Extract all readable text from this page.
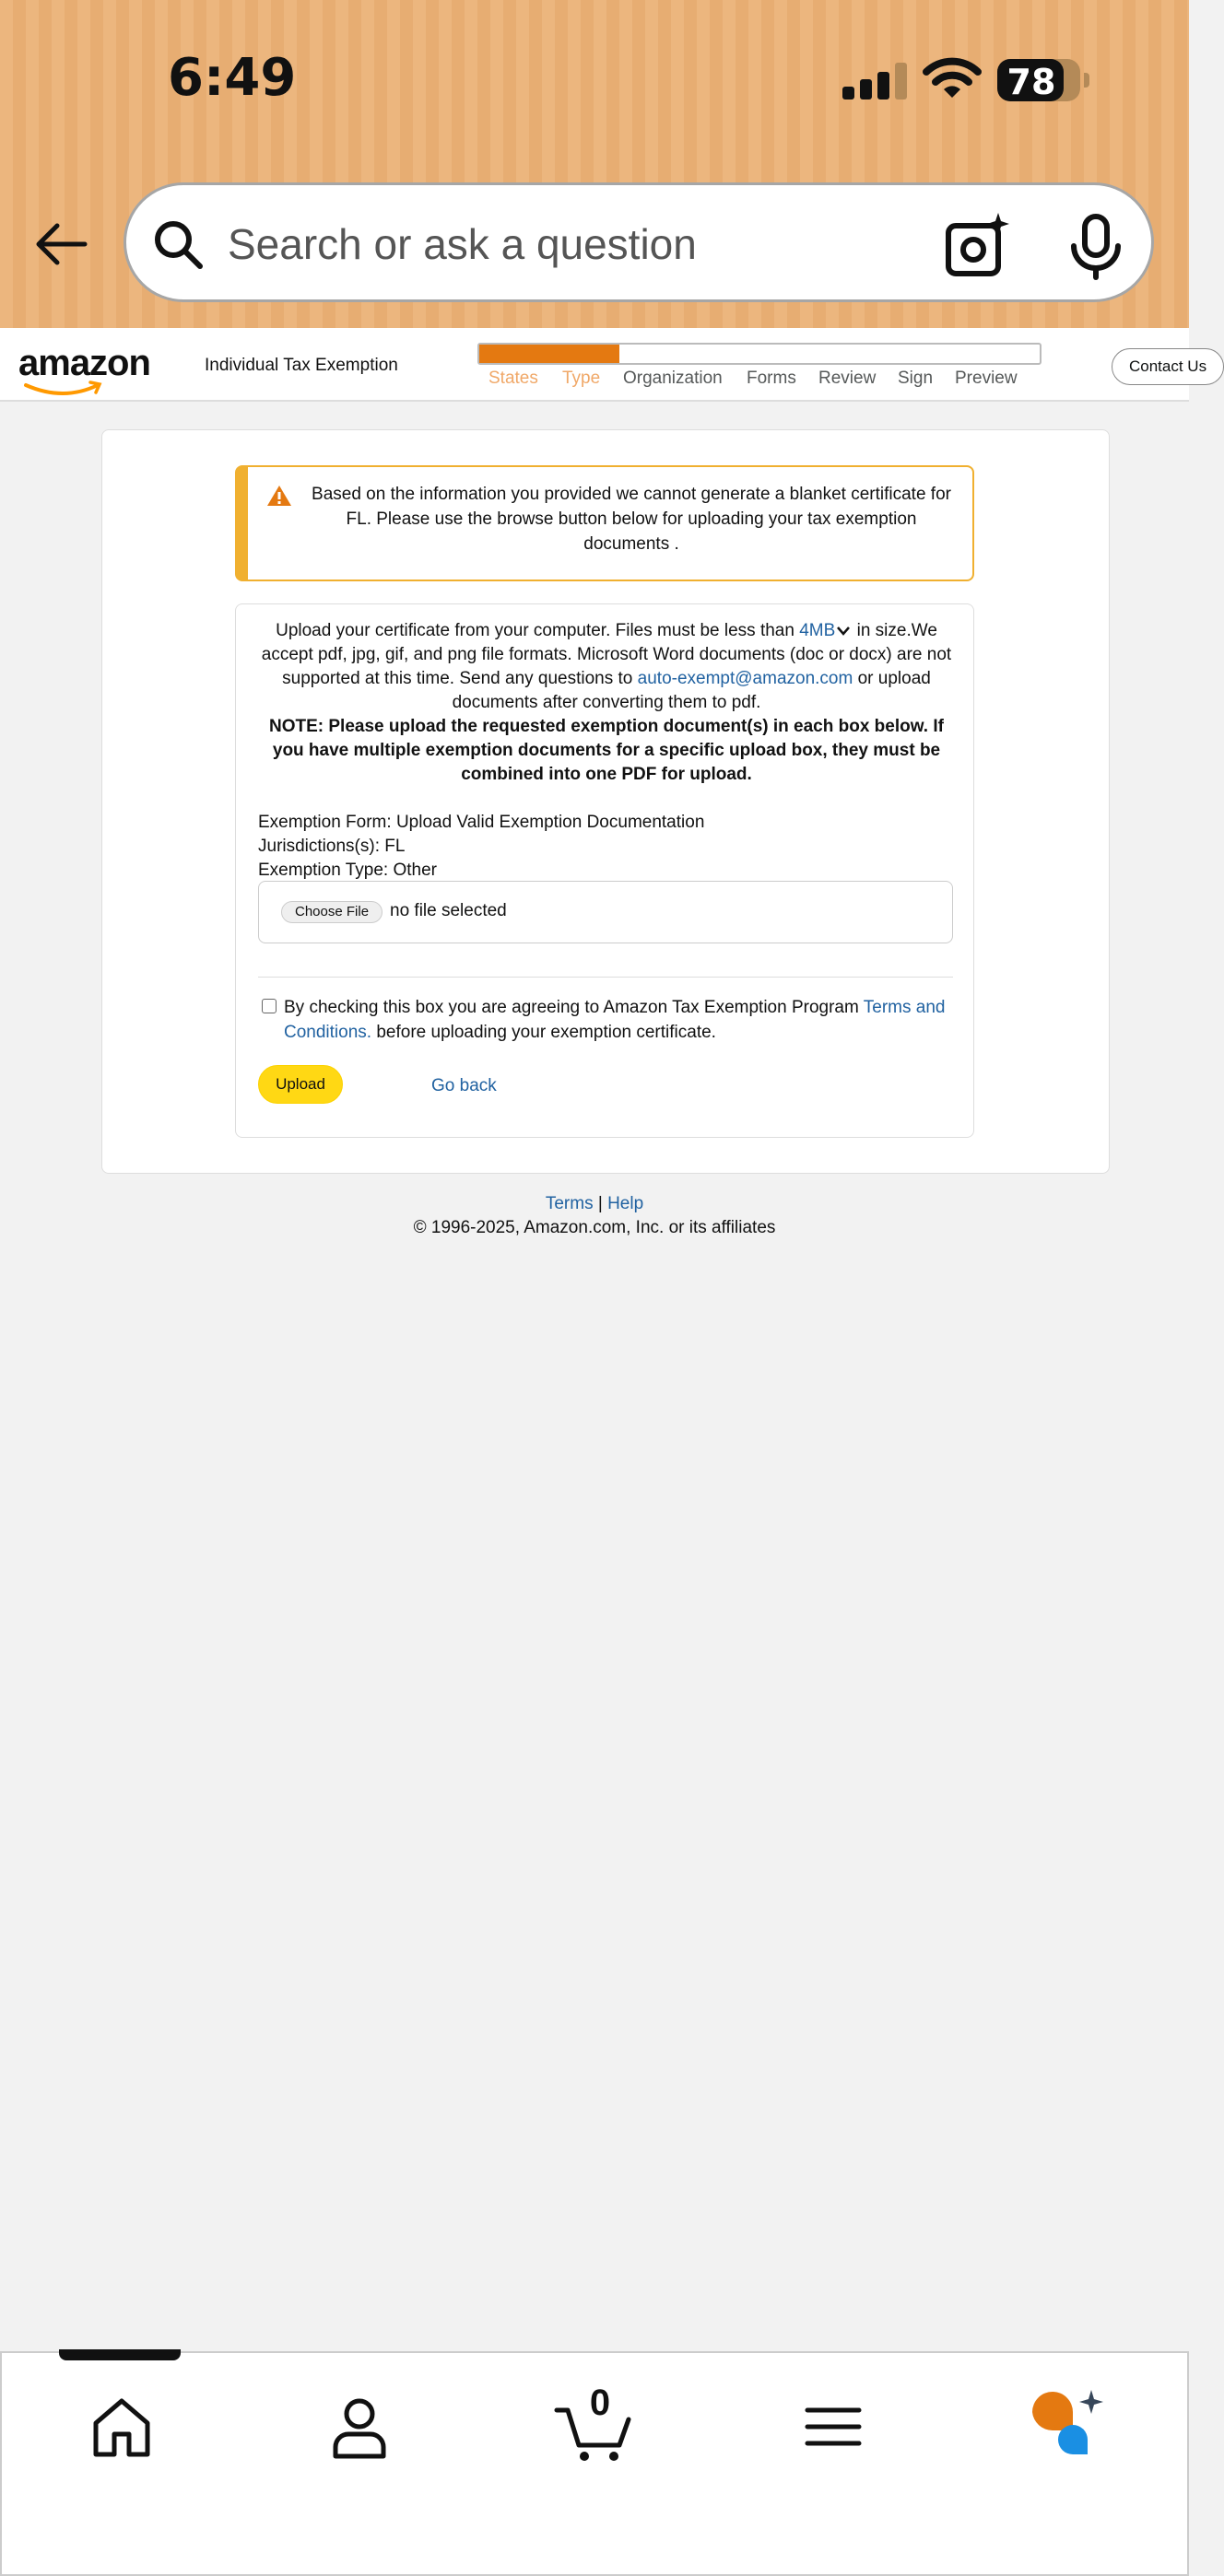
6:49	78
Search or ask a question
amazon	Individual Tax Exemption
States Type Organization Forms Review Sign Preview
Contact Us
Based on the information you provided we cannot generate a blanket certificate for FL. Please use the browse button below for uploading your tax exemption documents .
Upload your certificate from your computer. Files must be less than 4MB in size.We accept pdf, jpg, gif, and png file formats. Microsoft Word documents (doc or docx) are not supported at this time. Send any questions to auto-exempt@amazon.com or upload documents after converting them to pdf.
NOTE: Please upload the requested exemption document(s) in each box below. If you have multiple exemption documents for a specific upload box, they must be combined into one PDF for upload.
Exemption Form: Upload Valid Exemption Documentation
Jurisdictions(s): FL
Exemption Type: Other
Choose File	no file selected
By checking this box you are agreeing to Amazon Tax Exemption Program Terms and Conditions. before uploading your exemption certificate.
Upload	Go back
Terms | Help
© 1996-2025, Amazon.com, Inc. or its affiliates
0
